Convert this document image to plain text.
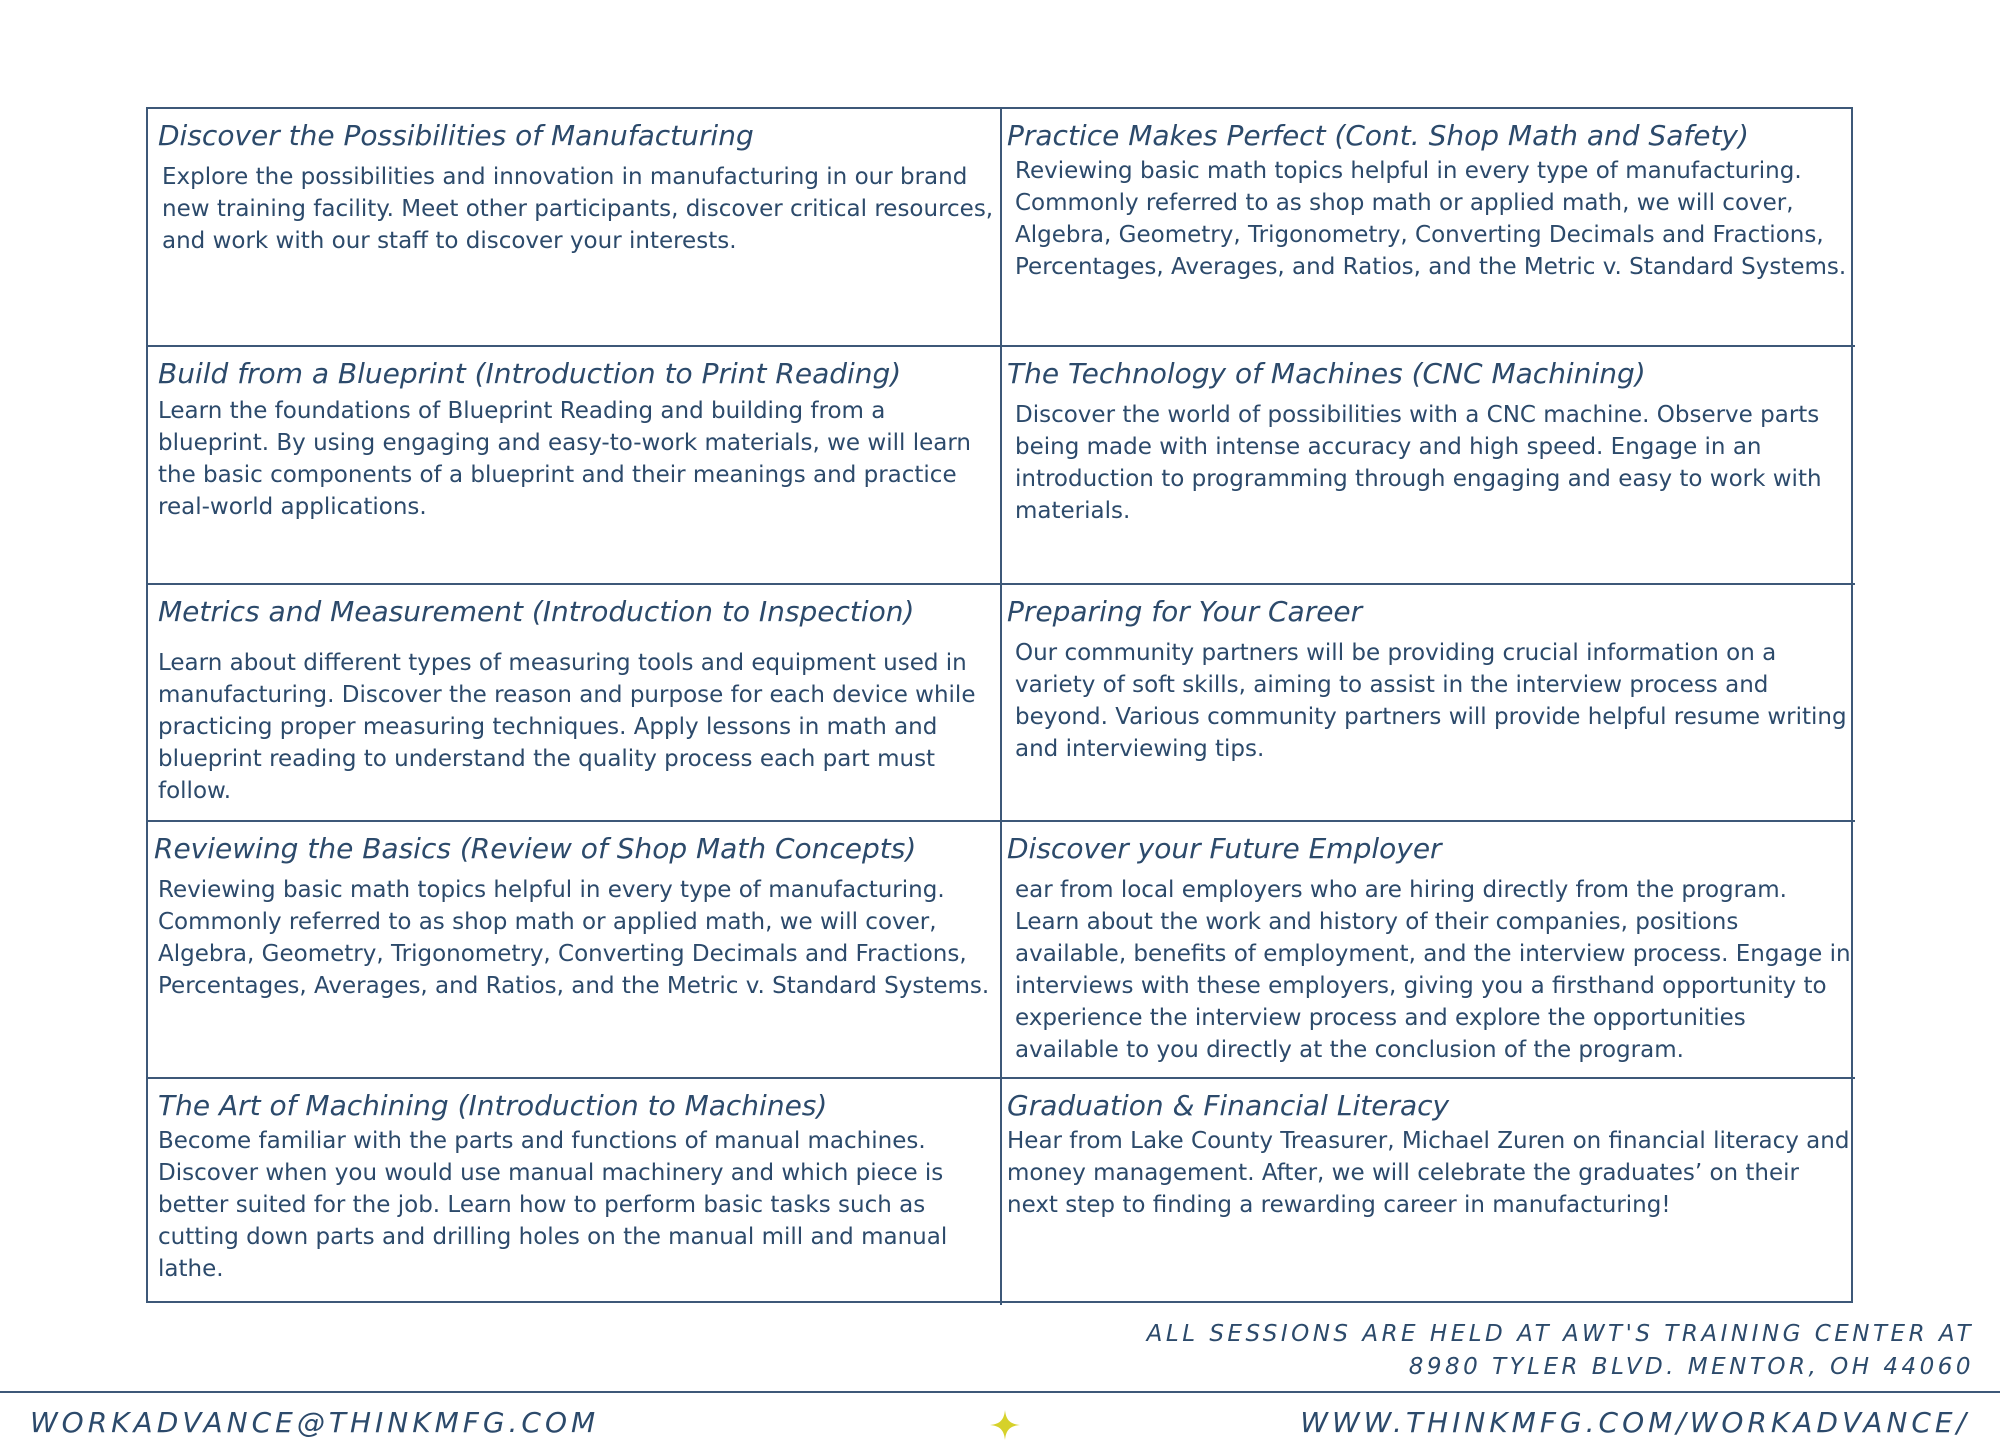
Discover the Possibilities of Manufacturing

Explore the possibilities and innovation in manufacturing in our brand new training facility. Meet other participants, discover critical resources, and work with our staff to discover your interests.

Practice Makes Perfect (Cont. Shop Math and Safety)

Reviewing basic math topics helpful in every type of manufacturing. Commonly referred to as shop math or applied math, we will cover, Algebra, Geometry, Trigonometry, Converting Decimals and Fractions, Percentages, Averages, and Ratios, and the Metric v. Standard Systems.

Build from a Blueprint (Introduction to Print Reading)

Learn the foundations of Blueprint Reading and building from a blueprint. By using engaging and easy-to-work materials, we will learn the basic components of a blueprint and their meanings and practice real-world applications.

The Technology of Machines (CNC Machining)

Discover the world of possibilities with a CNC machine. Observe parts being made with intense accuracy and high speed. Engage in an introduction to programming through engaging and easy to work with materials.

Metrics and Measurement (Introduction to Inspection)

Learn about different types of measuring tools and equipment used in manufacturing. Discover the reason and purpose for each device while practicing proper measuring techniques. Apply lessons in math and blueprint reading to understand the quality process each part must follow.

Preparing for Your Career

Our community partners will be providing crucial information on a variety of soft skills, aiming to assist in the interview process and beyond. Various community partners will provide helpful resume writing and interviewing tips.

Reviewing the Basics (Review of Shop Math Concepts)

Reviewing basic math topics helpful in every type of manufacturing. Commonly referred to as shop math or applied math, we will cover, Algebra, Geometry, Trigonometry, Converting Decimals and Fractions, Percentages, Averages, and Ratios, and the Metric v. Standard Systems.

Discover your Future Employer

ear from local employers who are hiring directly from the program. Learn about the work and history of their companies, positions available, benefits of employment, and the interview process. Engage in interviews with these employers, giving you a firsthand opportunity to experience the interview process and explore the opportunities available to you directly at the conclusion of the program.

The Art of Machining (Introduction to Machines)

Become familiar with the parts and functions of manual machines. Discover when you would use manual machinery and which piece is better suited for the job. Learn how to perform basic tasks such as cutting down parts and drilling holes on the manual mill and manual lathe.

Graduation & Financial Literacy

Hear from Lake County Treasurer, Michael Zuren on financial literacy and money management. After, we will celebrate the graduates’ on their next step to finding a rewarding career in manufacturing!

ALL SESSIONS ARE HELD AT AWT'S TRAINING CENTER AT
8980 TYLER BLVD. MENTOR, OH 44060
WORKADVANCE@THINKMFG.COM	WWW.THINKMFG.COM/WORKADVANCE/
